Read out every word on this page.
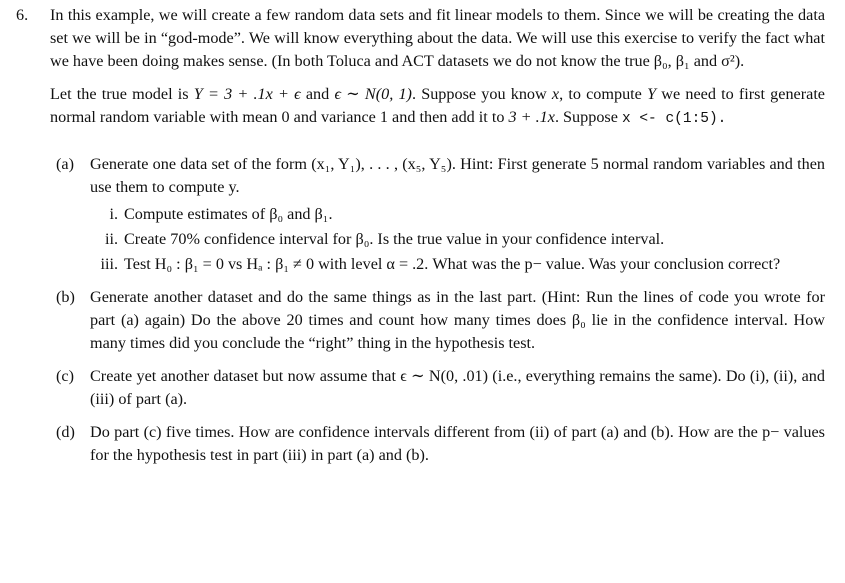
6. In this example, we will create a few random data sets and fit linear models to them. Since we will be creating the data set we will be in “god-mode”. We will know everything about the data. We will use this exercise to verify the fact what we have been doing makes sense. (In both Toluca and ACT datasets we do not know the true β₀, β₁ and σ²).

Let the true model is Y = 3 + .1x + ϵ and ϵ ∼ N(0, 1). Suppose you know x, to compute Y we need to first generate normal random variable with mean 0 and variance 1 and then add it to 3 + .1x. Suppose x <- c(1:5).

(a) Generate one data set of the form (x₁, Y₁), . . . , (x₅, Y₅). Hint: First generate 5 normal random variables and then use them to compute y.

i. Compute estimates of β₀ and β₁.

ii. Create 70% confidence interval for β₀. Is the true value in your confidence interval.

iii. Test H₀ : β₁ = 0 vs Hₐ : β₁ ≠ 0 with level α = .2. What was the p− value. Was your conclusion correct?

(b) Generate another dataset and do the same things as in the last part. (Hint: Run the lines of code you wrote for part (a) again) Do the above 20 times and count how many times does β₀ lie in the confidence interval. How many times did you conclude the “right” thing in the hypothesis test.

(c) Create yet another dataset but now assume that ϵ ∼ N(0, .01) (i.e., everything remains the same). Do (i), (ii), and (iii) of part (a).

(d) Do part (c) five times. How are confidence intervals different from (ii) of part (a) and (b). How are the p− values for the hypothesis test in part (iii) in part (a) and (b).
